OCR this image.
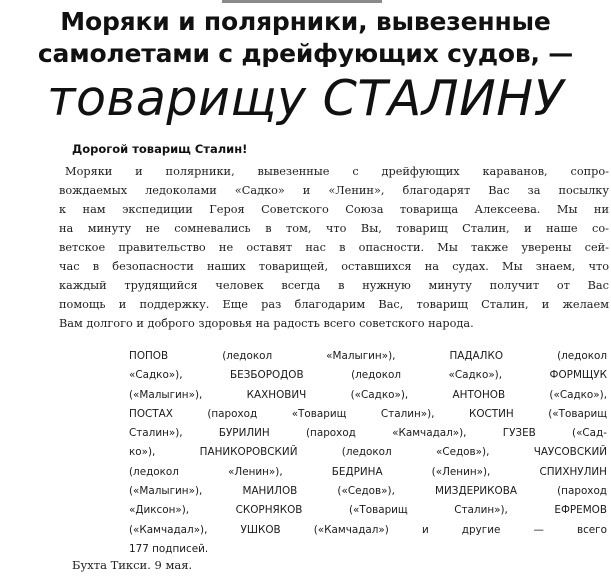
Моряки и полярники, вывезенные
самолетами с дрейфующих судов, —
товарищу СТАЛИНУ
Дорогой товарищ Сталин!
Моряки и полярники, вывезенные с дрейфующих караванов, сопро-
вождаемых ледоколами «Садко» и «Ленин», благодарят Вас за посылку
к нам экспедиции Героя Советского Союза товарища Алексеева. Мы ни
на минуту не сомневались в том, что Вы, товарищ Сталин, и наше со-
ветское правительство не оставят нас в опасности. Мы также уверены сей-
час в безопасности наших товарищей, оставшихся на судах. Мы знаем, что
каждый трудящийся человек всегда в нужную минуту получит от Вас
помощь и поддержку. Еще раз благодарим Вас, товарищ Сталин, и желаем
Вам долгого и доброго здоровья на радость всего советского народа.
ПОПОВ (ледокол «Малыгин»), ПАДАЛКО (ледокол
«Садко»), БЕЗБОРОДОВ (ледокол «Садко»), ФОРМЩУК
(«Малыгин»), КАХНОВИЧ («Садко»), АНТОНОВ («Садко»),
ПОСТАХ (пароход «Товарищ Сталин»), КОСТИН («Товарищ
Сталин»), БУРИЛИН (пароход «Камчадал»), ГУЗЕВ («Сад-
ко»), ПАНИКОРОВСКИЙ (ледокол «Седов»), ЧАУСОВСКИЙ
(ледокол «Ленин»), БЕДРИНА («Ленин»), СПИХНУЛИН
(«Малыгин»), МАНИЛОВ («Седов»), МИЗДЕРИКОВА (пароход
«Диксон»), СКОРНЯКОВ («Товарищ Сталин»), ЕФРЕМОВ
(«Камчадал»), УШКОВ («Камчадал») и другие — всего
177 подписей.
Бухта Тикси. 9 мая.
